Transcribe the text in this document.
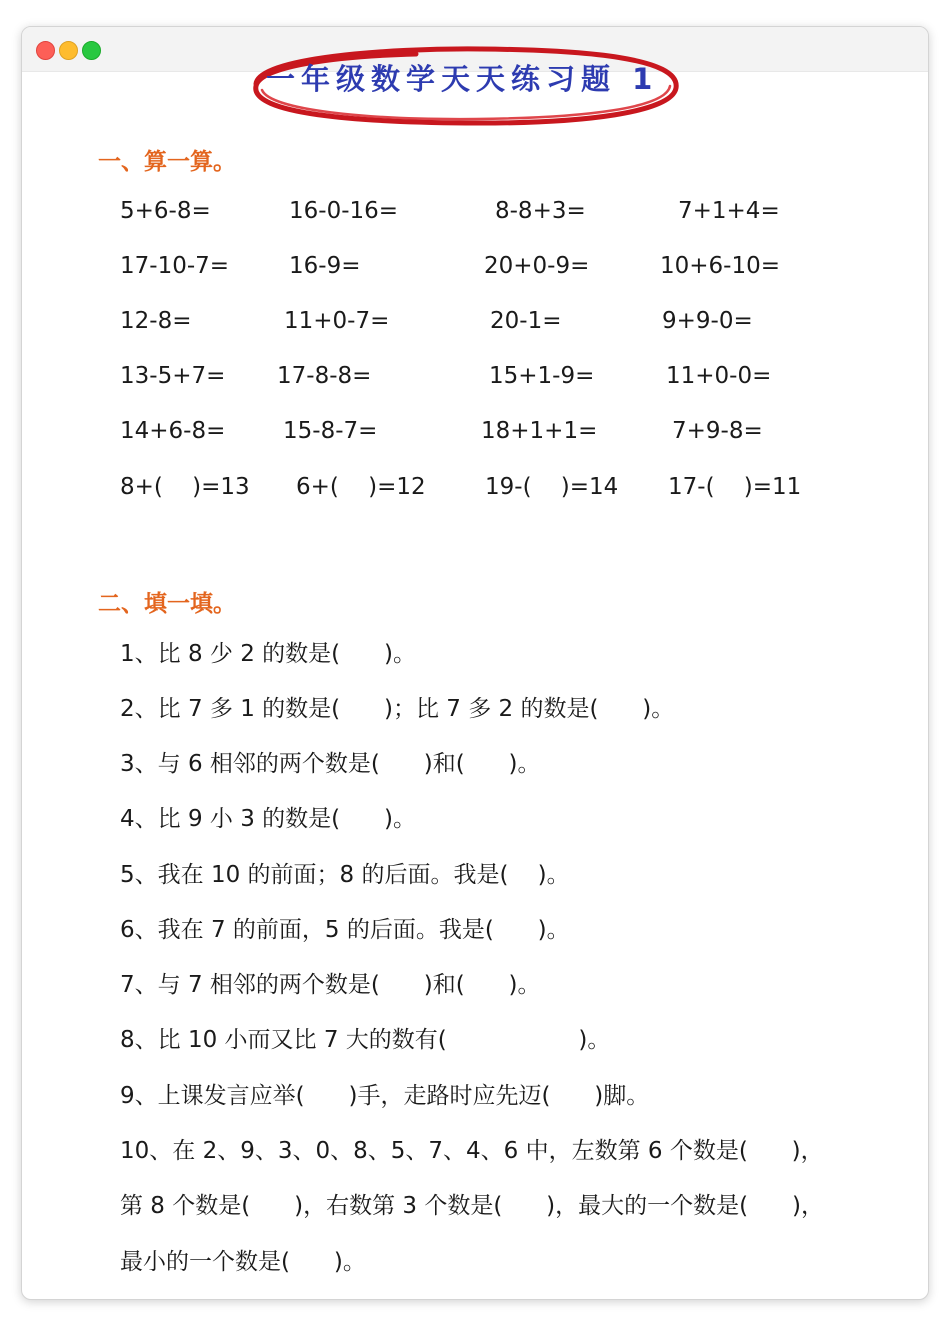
一年级数学天天练习题 1
一、算一算。
5+6-8=	16-0-16=	8-8+3=	7+1+4=
17-10-7=	16-9=	20+0-9=	10+6-10=
12-8=	11+0-7=	20-1=	9+9-0=
13-5+7= 17-8-8=	15+1-9=	11+0-0=
14+6-8=	15-8-7=	18+1+1=	7+9-8=
8+(    )=13 6+(    )=12	19-(    )=14 17-(    )=11
二、填一填。
1、比 8 少 2 的数是(      )。
2、比 7 多 1 的数是(      )；比 7 多 2 的数是(      )。
3、与 6 相邻的两个数是(      )和(      )。
4、比 9 小 3 的数是(      )。
5、我在 10 的前面；8 的后面。我是(    )。
6、我在 7 的前面，5 的后面。我是(      )。
7、与 7 相邻的两个数是(      )和(      )。
8、比 10 小而又比 7 大的数有(                  )。
9、上课发言应举(      )手，走路时应先迈(      )脚。
10、在 2、9、3、0、8、5、7、4、6 中，左数第 6 个数是(      )，
第 8 个数是(      )，右数第 3 个数是(      )，最大的一个数是(      )，
最小的一个数是(      )。
